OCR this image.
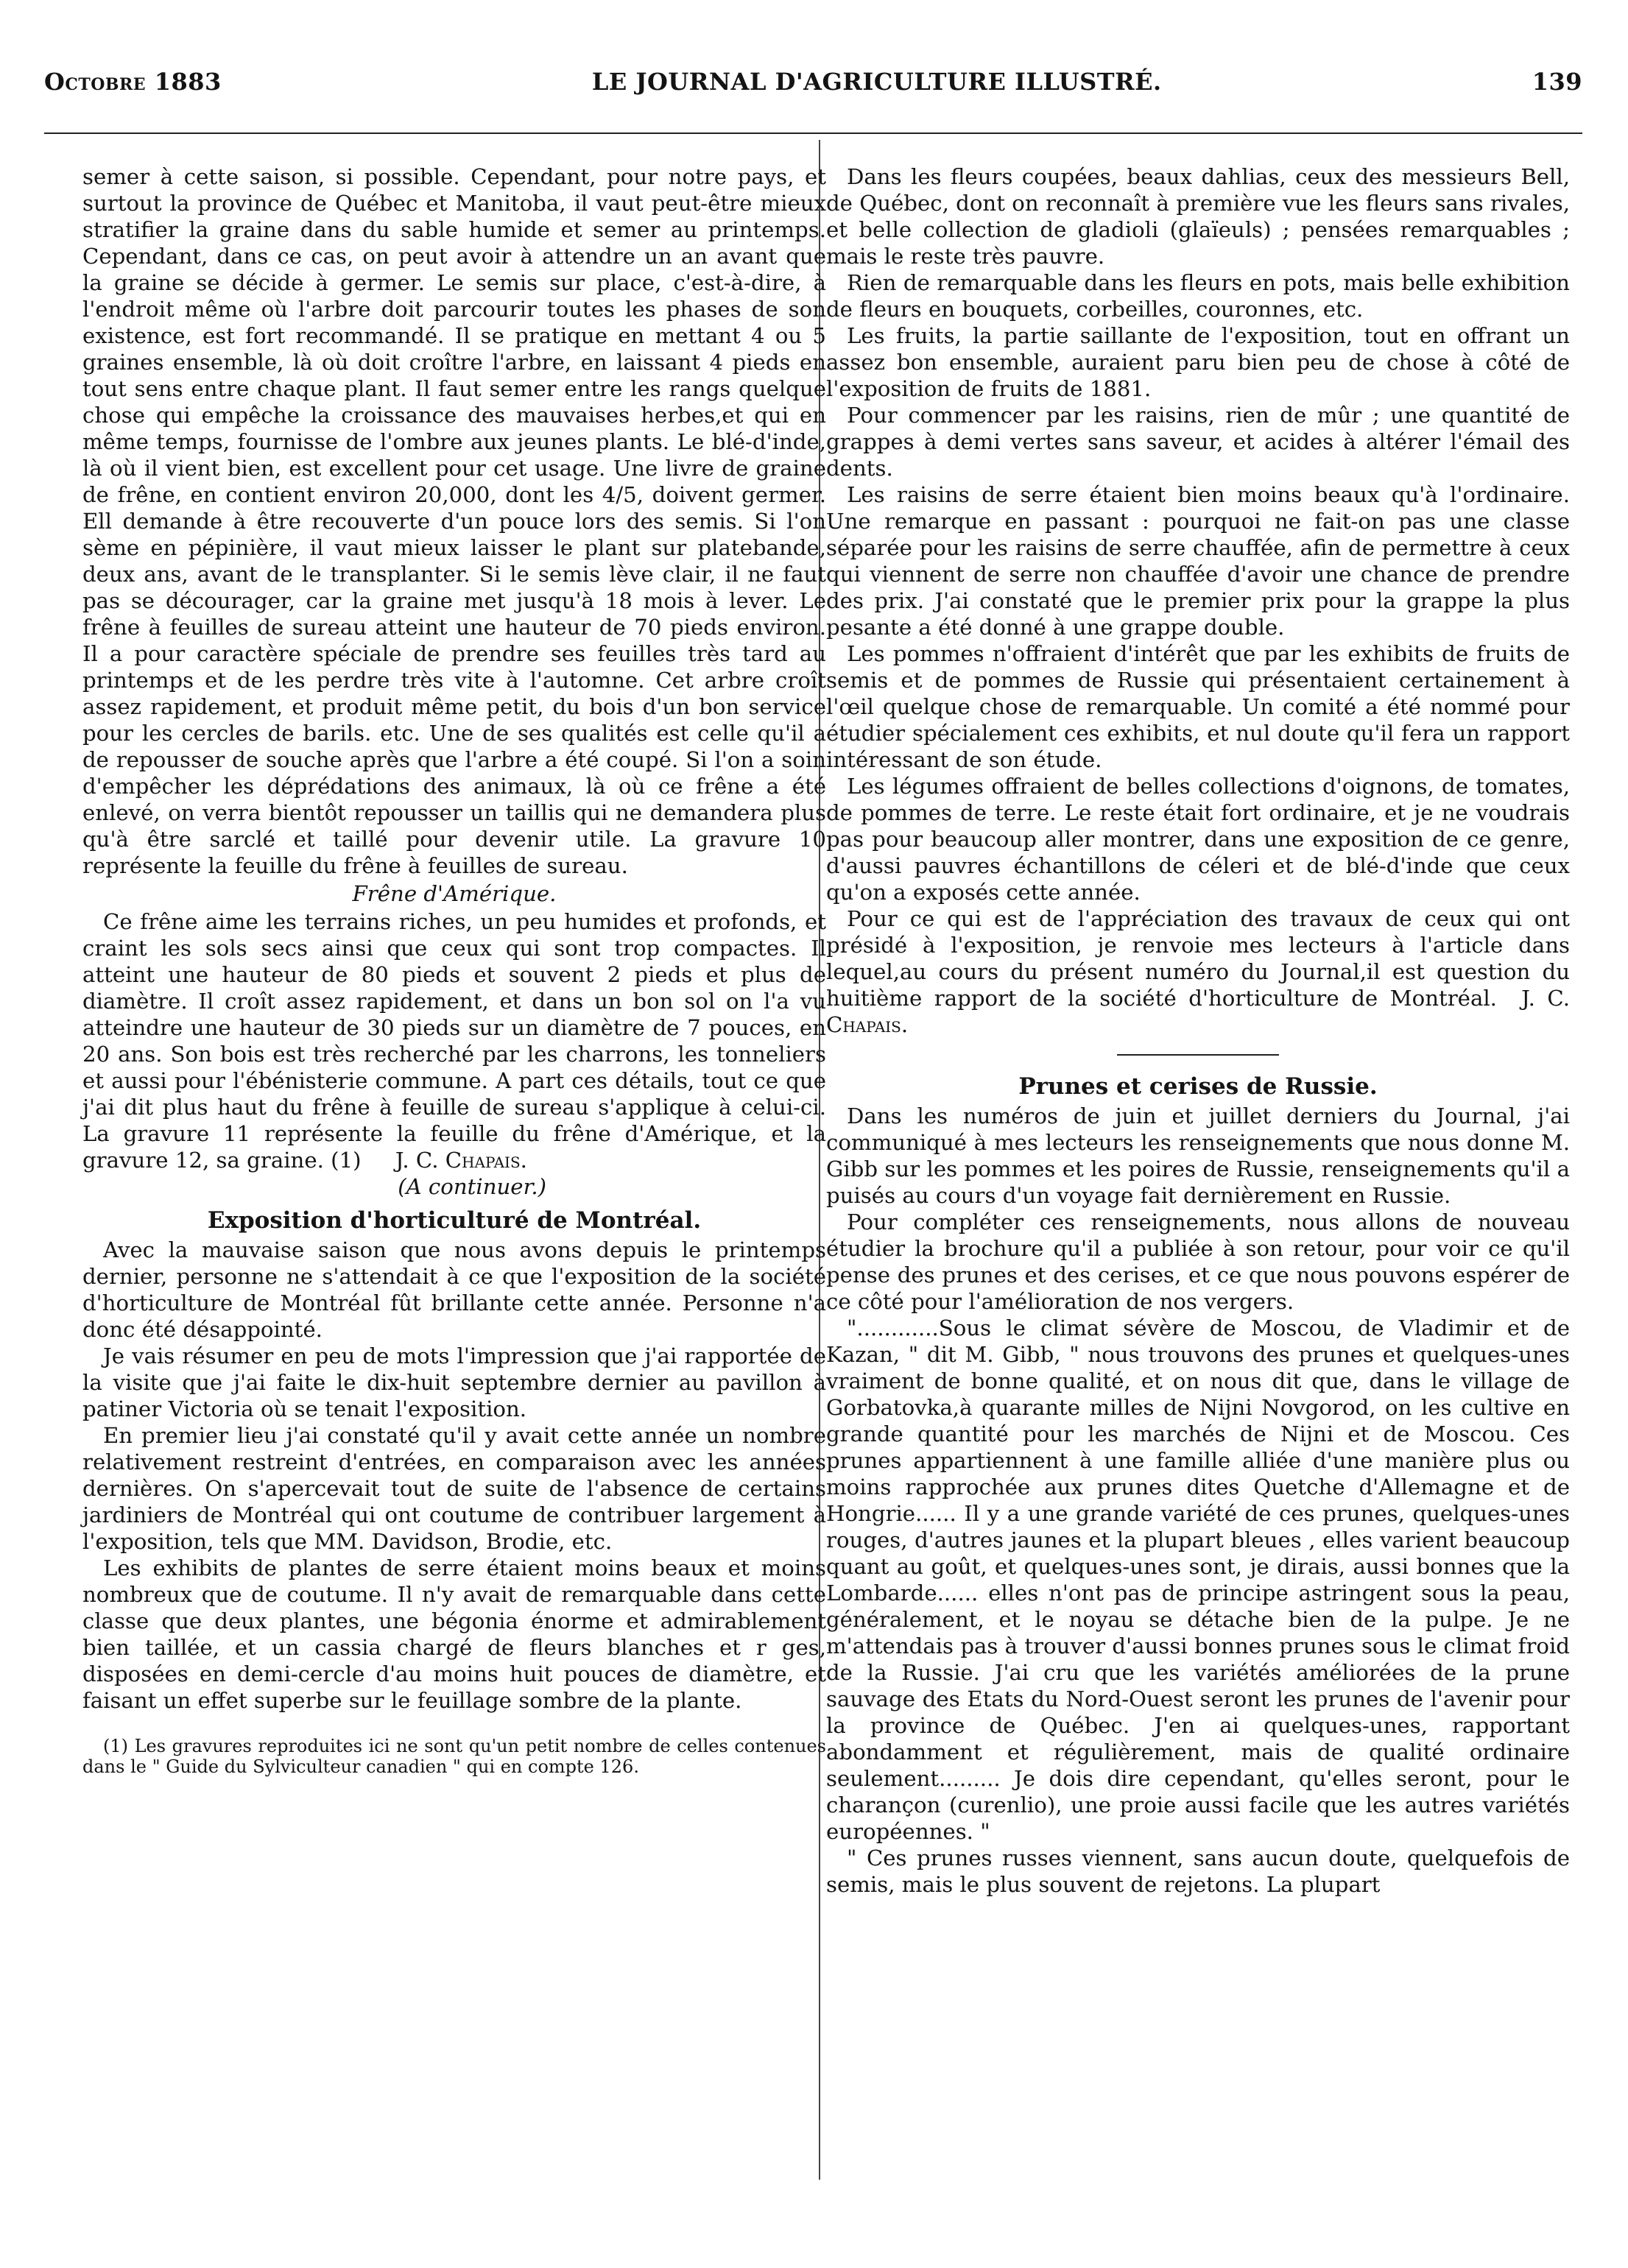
Octobre 1883	LE JOURNAL D'AGRICULTURE ILLUSTRÉ.	139

semer à cette saison, si possible. Cependant, pour notre pays, et surtout la province de Québec et Manitoba, il vaut peut-être mieux stratifier la graine dans du sable humide et semer au printemps. Cependant, dans ce cas, on peut avoir à attendre un an avant que la graine se décide à germer. Le semis sur place, c'est-à-dire, à l'endroit même où l'arbre doit parcourir toutes les phases de son existence, est fort recommandé. Il se pratique en mettant 4 ou 5 graines ensemble, là où doit croître l'arbre, en laissant 4 pieds en tout sens entre chaque plant. Il faut semer entre les rangs quelque chose qui empêche la croissance des mauvaises herbes,et qui en même temps, fournisse de l'ombre aux jeunes plants. Le blé-d'inde, là où il vient bien, est excellent pour cet usage. Une livre de graine de frêne, en contient environ 20,000, dont les 4/5, doivent germer. Ell demande à être recouverte d'un pouce lors des semis. Si l'on sème en pépinière, il vaut mieux laisser le plant sur platebande, deux ans, avant de le transplanter. Si le semis lève clair, il ne faut pas se décourager, car la graine met jusqu'à 18 mois à lever. Le frêne à feuilles de sureau atteint une hauteur de 70 pieds environ. Il a pour caractère spéciale de prendre ses feuilles très tard au printemps et de les perdre très vite à l'automne. Cet arbre croît assez rapidement, et produit même petit, du bois d'un bon service pour les cercles de barils. etc. Une de ses qualités est celle qu'il a de repousser de souche après que l'arbre a été coupé. Si l'on a soin d'empêcher les déprédations des animaux, là où ce frêne a été enlevé, on verra bientôt repousser un taillis qui ne demandera plus qu'à être sarclé et taillé pour devenir utile. La gravure 10 représente la feuille du frêne à feuilles de sureau.

Frêne d'Amérique.

Ce frêne aime les terrains riches, un peu humides et profonds, et craint les sols secs ainsi que ceux qui sont trop compactes. Il atteint une hauteur de 80 pieds et souvent 2 pieds et plus de diamètre. Il croît assez rapidement, et dans un bon sol on l'a vu atteindre une hauteur de 30 pieds sur un diamètre de 7 pouces, en 20 ans. Son bois est très recherché par les charrons, les tonneliers et aussi pour l'ébénisterie commune. A part ces détails, tout ce que j'ai dit plus haut du frêne à feuille de sureau s'applique à celui-ci. La gravure 11 représente la feuille du frêne d'Amérique, et la gravure 12, sa graine. (1) J. C. Chapais.

(A continuer.)

Exposition d'horticulturé de Montréal.

Avec la mauvaise saison que nous avons depuis le printemps dernier, personne ne s'attendait à ce que l'exposition de la société d'horticulture de Montréal fût brillante cette année. Personne n'a donc été désappointé.

Je vais résumer en peu de mots l'impression que j'ai rapportée de la visite que j'ai faite le dix-huit septembre dernier au pavillon à patiner Victoria où se tenait l'exposition.

En premier lieu j'ai constaté qu'il y avait cette année un nombre relativement restreint d'entrées, en comparaison avec les années dernières. On s'apercevait tout de suite de l'absence de certains jardiniers de Montréal qui ont coutume de contribuer largement à l'exposition, tels que MM. Davidson, Brodie, etc.

Les exhibits de plantes de serre étaient moins beaux et moins nombreux que de coutume. Il n'y avait de remarquable dans cette classe que deux plantes, une bégonia énorme et admirablement bien taillée, et un cassia chargé de fleurs blanches et r ges, disposées en demi-cercle d'au moins huit pouces de diamètre, et faisant un effet superbe sur le feuillage sombre de la plante.

(1) Les gravures reproduites ici ne sont qu'un petit nombre de celles contenues dans le " Guide du Sylviculteur canadien " qui en compte 126.

Dans les fleurs coupées, beaux dahlias, ceux des messieurs Bell, de Québec, dont on reconnaît à première vue les fleurs sans rivales, et belle collection de gladioli (glaïeuls) ; pensées remarquables ; mais le reste très pauvre.

Rien de remarquable dans les fleurs en pots, mais belle exhibition de fleurs en bouquets, corbeilles, couronnes, etc.

Les fruits, la partie saillante de l'exposition, tout en offrant un assez bon ensemble, auraient paru bien peu de chose à côté de l'exposition de fruits de 1881.

Pour commencer par les raisins, rien de mûr ; une quantité de grappes à demi vertes sans saveur, et acides à altérer l'émail des dents.

Les raisins de serre étaient bien moins beaux qu'à l'ordinaire. Une remarque en passant : pourquoi ne fait-on pas une classe séparée pour les raisins de serre chauffée, afin de permettre à ceux qui viennent de serre non chauffée d'avoir une chance de prendre des prix. J'ai constaté que le premier prix pour la grappe la plus pesante a été donné à une grappe double.

Les pommes n'offraient d'intérêt que par les exhibits de fruits de semis et de pommes de Russie qui présentaient certainement à l'œil quelque chose de remarquable. Un comité a été nommé pour étudier spécialement ces exhibits, et nul doute qu'il fera un rapport intéressant de son étude.

Les légumes offraient de belles collections d'oignons, de tomates, de pommes de terre. Le reste était fort ordinaire, et je ne voudrais pas pour beaucoup aller montrer, dans une exposition de ce genre, d'aussi pauvres échantillons de céleri et de blé-d'inde que ceux qu'on a exposés cette année.

Pour ce qui est de l'appréciation des travaux de ceux qui ont présidé à l'exposition, je renvoie mes lecteurs à l'article dans lequel,au cours du présent numéro du Journal,il est question du huitième rapport de la société d'horticulture de Montréal. J. C. Chapais.

Prunes et cerises de Russie.

Dans les numéros de juin et juillet derniers du Journal, j'ai communiqué à mes lecteurs les renseignements que nous donne M. Gibb sur les pommes et les poires de Russie, renseignements qu'il a puisés au cours d'un voyage fait dernièrement en Russie.

Pour compléter ces renseignements, nous allons de nouveau étudier la brochure qu'il a publiée à son retour, pour voir ce qu'il pense des prunes et des cerises, et ce que nous pouvons espérer de ce côté pour l'amélioration de nos vergers.

"............Sous le climat sévère de Moscou, de Vladimir et de Kazan, " dit M. Gibb, " nous trouvons des prunes et quelques-unes vraiment de bonne qualité, et on nous dit que, dans le village de Gorbatovka,à quarante milles de Nijni Novgorod, on les cultive en grande quantité pour les marchés de Nijni et de Moscou. Ces prunes appartiennent à une famille alliée d'une manière plus ou moins rapprochée aux prunes dites Quetche d'Allemagne et de Hongrie...... Il y a une grande variété de ces prunes, quelques-unes rouges, d'autres jaunes et la plupart bleues , elles varient beaucoup quant au goût, et quelques-unes sont, je dirais, aussi bonnes que la Lombarde...... elles n'ont pas de principe astringent sous la peau, généralement, et le noyau se détache bien de la pulpe. Je ne m'attendais pas à trouver d'aussi bonnes prunes sous le climat froid de la Russie. J'ai cru que les variétés améliorées de la prune sauvage des Etats du Nord-Ouest seront les prunes de l'avenir pour la province de Québec. J'en ai quelques-unes, rapportant abondamment et régulièrement, mais de qualité ordinaire seulement......... Je dois dire cependant, qu'elles seront, pour le charançon (curenlio), une proie aussi facile que les autres variétés européennes. "

" Ces prunes russes viennent, sans aucun doute, quelquefois de semis, mais le plus souvent de rejetons. La plupart
